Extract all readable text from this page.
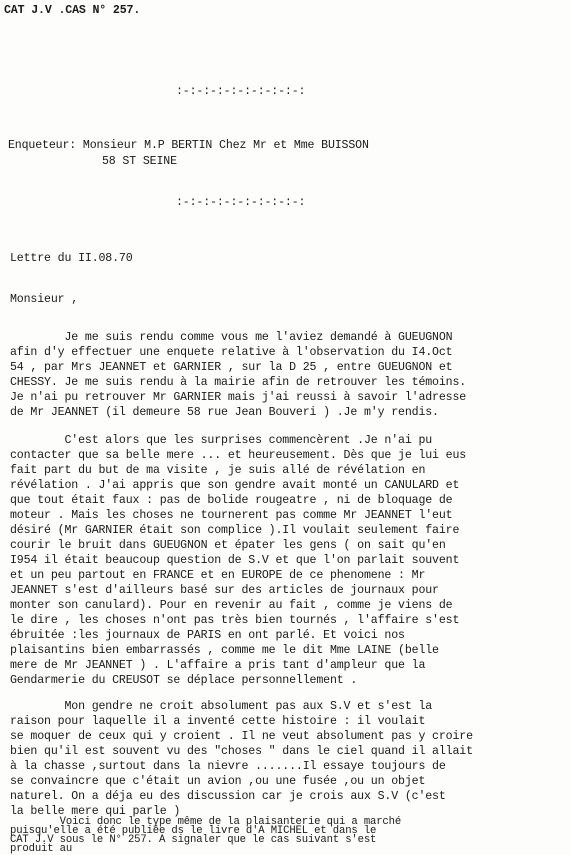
CAT J.V .CAS N° 257.
:-:-:-:-:-:-:-:-:-:
Enqueteur: Monsieur M.P BERTIN Chez Mr et Mme BUISSON
58 ST SEINE
:-:-:-:-:-:-:-:-:-:
Lettre du II.08.70
Monsieur ,
Je me suis rendu comme vous me l'aviez demandé à GUEUGNON
afin d'y effectuer une enquete relative à l'observation du I4.Oct
54 , par Mrs JEANNET et GARNIER , sur la D 25 , entre GUEUGNON et
CHESSY. Je me suis rendu à la mairie afin de retrouver les témoins.
Je n'ai pu retrouver Mr GARNIER mais j'ai reussi à savoir l'adresse
de Mr JEANNET (il demeure 58 rue Jean Bouveri ) .Je m'y rendis.
C'est alors que les surprises commencèrent .Je n'ai pu
contacter que sa belle mere ... et heureusement. Dès que je lui eus
fait part du but de ma visite , je suis allé de révélation en
révélation . J'ai appris que son gendre avait monté un CANULARD et
que tout était faux : pas de bolide rougeatre , ni de bloquage de
moteur . Mais les choses ne tournerent pas comme Mr JEANNET l'eut
désiré (Mr GARNIER était son complice ).Il voulait seulement faire
courir le bruit dans GUEUGNON et épater les gens ( on sait qu'en
I954 il était beaucoup question de S.V et que l'on parlait souvent
et un peu partout en FRANCE et en EUROPE de ce phenomene : Mr
JEANNET s'est d'ailleurs basé sur des articles de journaux pour
monter son canulard). Pour en revenir au fait , comme je viens de
le dire , les choses n'ont pas très bien tournés , l'affaire s'est
ébruitée :les journaux de PARIS en ont parlé. Et voici nos
plaisantins bien embarrassés , comme me le dit Mme LAINE (belle
mere de Mr JEANNET ) . L'affaire a pris tant d'ampleur que la
Gendarmerie du CREUSOT se déplace personnellement .
Mon gendre ne croit absolument pas aux S.V et s'est la
raison pour laquelle il a inventé cette histoire : il voulait
se moquer de ceux qui y croient . Il ne veut absolument pas y croire
bien qu'il est souvent vu des "choses " dans le ciel quand il allait
à la chasse ,surtout dans la nievre .......Il essaye toujours de
se convaincre que c'était un avion ,ou une fusée ,ou un objet
naturel. On a déja eu des discussion car je crois aux S.V (c'est
la belle mere qui parle )
Voici donc le type même de la plaisanterie qui a marché
puisqu'elle a été publiée ds le livre d'A MICHEL et dans le
CAT J.V sous le N° 257. A signaler que le cas suivant s'est
produit au
